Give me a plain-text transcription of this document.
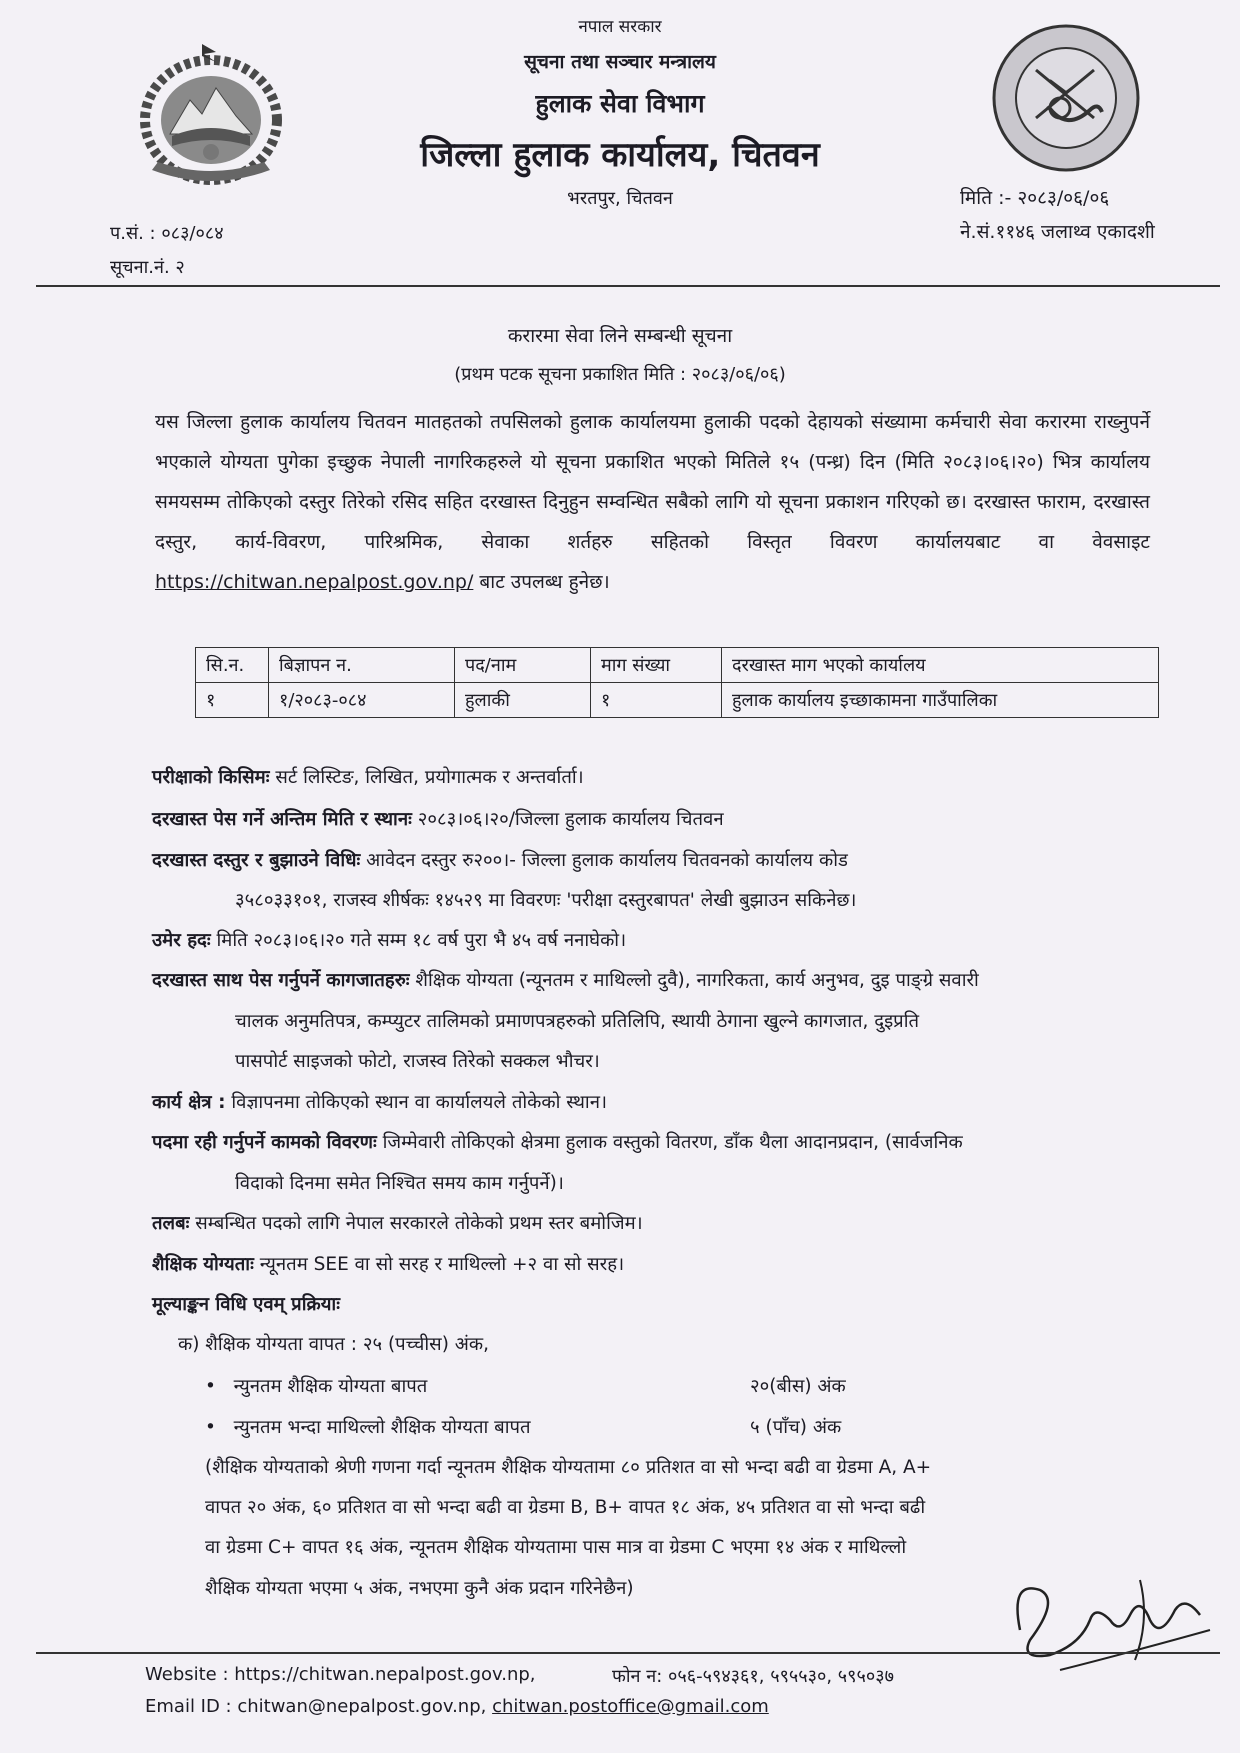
नपाल सरकार
सूचना तथा सञ्चार मन्त्रालय
हुलाक सेवा विभाग
जिल्ला हुलाक कार्यालय, चितवन
भरतपुर, चितवन
प.सं. : ०८३/०८४
सूचना.नं. २
मिति :- २०८३/०६/०६
ने.सं.११४६ जलाथ्व एकादशी
करारमा सेवा लिने सम्बन्धी सूचना
(प्रथम पटक सूचना प्रकाशित मिति : २०८३/०६/०६)
यस जिल्ला हुलाक कार्यालय चितवन मातहतको तपसिलको हुलाक कार्यालयमा हुलाकी पदको देहायको संख्यामा कर्मचारी सेवा करारमा राख्नुपर्ने भएकाले योग्यता पुगेका इच्छुक नेपाली नागरिकहरुले यो सूचना प्रकाशित भएको मितिले १५ (पन्ध्र) दिन (मिति २०८३।०६।२०) भित्र कार्यालय समयसम्म तोकिएको दस्तुर तिरेको रसिद सहित दरखास्त दिनुहुन सम्वन्धित सबैको लागि यो सूचना प्रकाशन गरिएको छ। दरखास्त फाराम, दरखास्त दस्तुर, कार्य-विवरण, पारिश्रमिक, सेवाका शर्तहरु सहितको विस्तृत विवरण कार्यालयबाट वा वेवसाइट https://chitwan.nepalpost.gov.np/ बाट उपलब्ध हुनेछ।
सि.न.	बिज्ञापन न.	पद/नाम	माग संख्या	दरखास्त माग भएको कार्यालय
१	१/२०८३-०८४	हुलाकी	१	हुलाक कार्यालय इच्छाकामना गाउँपालिका
परीक्षाको किसिमः सर्ट लिस्टिङ, लिखित, प्रयोगात्मक र अन्तर्वार्ता।
दरखास्त पेस गर्ने अन्तिम मिति र स्थानः २०८३।०६।२०/जिल्ला हुलाक कार्यालय चितवन
दरखास्त दस्तुर र बुझाउने विधिः आवेदन दस्तुर रु२००।- जिल्ला हुलाक कार्यालय चितवनको कार्यालय कोड
३५८०३३१०१, राजस्व शीर्षकः १४५२९ मा विवरणः 'परीक्षा दस्तुरबापत' लेखी बुझाउन सकिनेछ।
उमेर हदः मिति २०८३।०६।२० गते सम्म १८ वर्ष पुरा भै ४५ वर्ष ननाघेको।
दरखास्त साथ पेस गर्नुपर्ने कागजातहरुः शैक्षिक योग्यता (न्यूनतम र माथिल्लो दुवै), नागरिकता, कार्य अनुभव, दुइ पाङ्ग्रे सवारी
चालक अनुमतिपत्र, कम्प्युटर तालिमको प्रमाणपत्रहरुको प्रतिलिपि, स्थायी ठेगाना खुल्ने कागजात, दुइप्रति
पासपोर्ट साइजको फोटो, राजस्व तिरेको सक्कल भौचर।
कार्य क्षेत्र : विज्ञापनमा तोकिएको स्थान वा कार्यालयले तोकेको स्थान।
पदमा रही गर्नुपर्ने कामको विवरणः जिम्मेवारी तोकिएको क्षेत्रमा हुलाक वस्तुको वितरण, डाँक थैला आदानप्रदान, (सार्वजनिक
विदाको दिनमा समेत निश्चित समय काम गर्नुपर्ने)।
तलबः सम्बन्धित पदको लागि नेपाल सरकारले तोकेको प्रथम स्तर बमोजिम।
शैक्षिक योग्यताः न्यूनतम SEE वा सो सरह र माथिल्लो +२ वा सो सरह।
मूल्याङ्कन विधि एवम् प्रक्रियाः
क) शैक्षिक योग्यता वापत : २५ (पच्चीस) अंक,
• न्युनतम शैक्षिक योग्यता बापत	२०(बीस) अंक
• न्युनतम भन्दा माथिल्लो शैक्षिक योग्यता बापत	५ (पाँच) अंक
(शैक्षिक योग्यताको श्रेणी गणना गर्दा न्यूनतम शैक्षिक योग्यतामा ८० प्रतिशत वा सो भन्दा बढी वा ग्रेडमा A, A+
वापत २० अंक, ६० प्रतिशत वा सो भन्दा बढी वा ग्रेडमा B, B+ वापत १८ अंक, ४५ प्रतिशत वा सो भन्दा बढी
वा ग्रेडमा C+ वापत १६ अंक, न्यूनतम शैक्षिक योग्यतामा पास मात्र वा ग्रेडमा C भएमा १४ अंक र माथिल्लो
शैक्षिक योग्यता भएमा ५ अंक, नभएमा कुनै अंक प्रदान गरिनेछैन)
Website : https://chitwan.nepalpost.gov.np,	फोन न: ०५६-५९४३६१, ५९५५३०, ५९५०३७
Email ID : chitwan@nepalpost.gov.np, chitwan.postoffice@gmail.com
